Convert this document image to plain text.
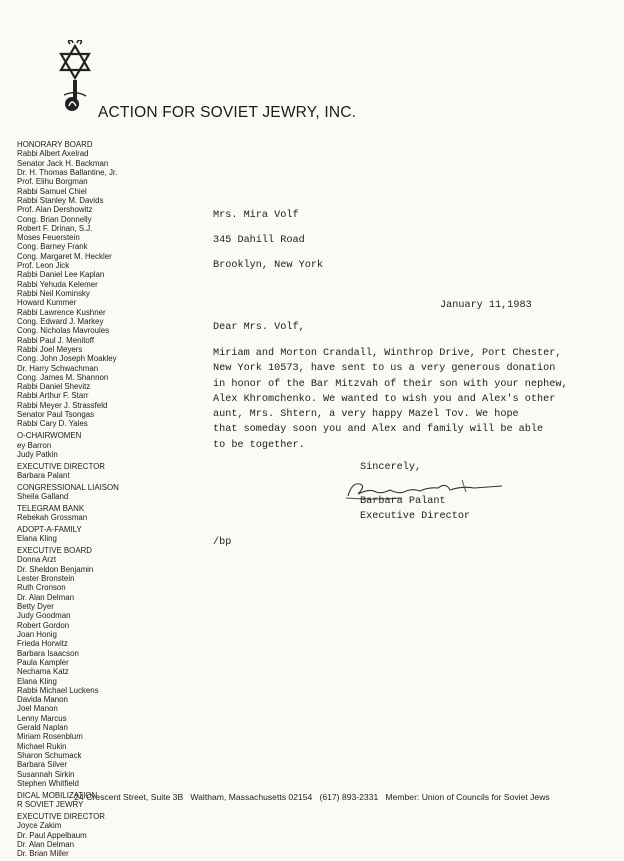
ACTION FOR SOVIET JEWRY, INC.
HONORARY BOARD
Rabbi Albert Axelrad
Senator Jack H. Backman
Dr. H. Thomas Ballantine, Jr.
Prof. Elihu Borgman
Rabbi Samuel Chiel
Rabbi Stanley M. Davids
Prof. Alan Dershowitz
Cong. Brian Donnelly
Robert F. Drinan, S.J.
Moses Feuerstein
Cong. Barney Frank
Cong. Margaret M. Heckler
Prof. Leon Jick
Rabbi Daniel Lee Kaplan
Rabbi Yehuda Kelemer
Rabbi Neil Kominsky
Howard Kummer
Rabbi Lawrence Kushner
Cong. Edward J. Markey
Cong. Nicholas Mavroules
Rabbi Paul J. Menitoff
Rabbi Joel Meyers
Cong. John Joseph Moakley
Dr. Harry Schwachman
Cong. James M. Shannon
Rabbi Daniel Shevitz
Rabbi Arthur F. Starr
Rabbi Meyer J. Strassfeld
Senator Paul Tsongas
Rabbi Cary D. Yales
O-CHAIRWOMEN
ey Barron
Judy Patkin
EXECUTIVE DIRECTOR
Barbara Palant
CONGRESSIONAL LIAISON
Sheila Galland
TELEGRAM BANK
Rebekah Grossman
ADOPT-A-FAMILY
Elana Kling
EXECUTIVE BOARD
Donna Arzt
Dr. Sheldon Benjamin
Lester Bronstein
Ruth Cronson
Dr. Alan Delman
Betty Dyer
Judy Goodman
Robert Gordon
Joan Honig
Frieda Horwitz
Barbara Isaacson
Paula Kampler
Nechama Katz
Elana Kling
Rabbi Michael Luckens
Davida Manon
Joel Manon
Lenny Marcus
Gerald Naplan
Miriam Rosenblum
Michael Rukin
Sharon Schumack
Barbara Silver
Susannah Sirkin
Stephen Whitfield
DICAL MOBILIZATION
R SOVIET JEWRY
EXECUTIVE DIRECTOR
Joyce Zakim
Dr. Paul Appelbaum
Dr. Alan Delman
Dr. Brian Miller
Mrs. Mira Volf
345 Dahill Road
Brooklyn, New York
January 11,1983
Dear Mrs. Volf,
Miriam and Morton Crandall, Winthrop Drive, Port Chester,
New York 10573, have sent to us a very generous donation
in honor of the Bar Mitzvah of their son with your nephew,
Alex Khromchenko. We wanted to wish you and Alex's other
aunt, Mrs. Shtern, a very happy Mazel Tov. We hope
that someday soon you and Alex and family will be able
to be together.
Sincerely,
Barbara Palant
Executive Director
/bp
24 Crescent Street, Suite 3B   Waltham, Massachusetts 02154   (617) 893-2331   Member: Union of Councils for Soviet Jews
